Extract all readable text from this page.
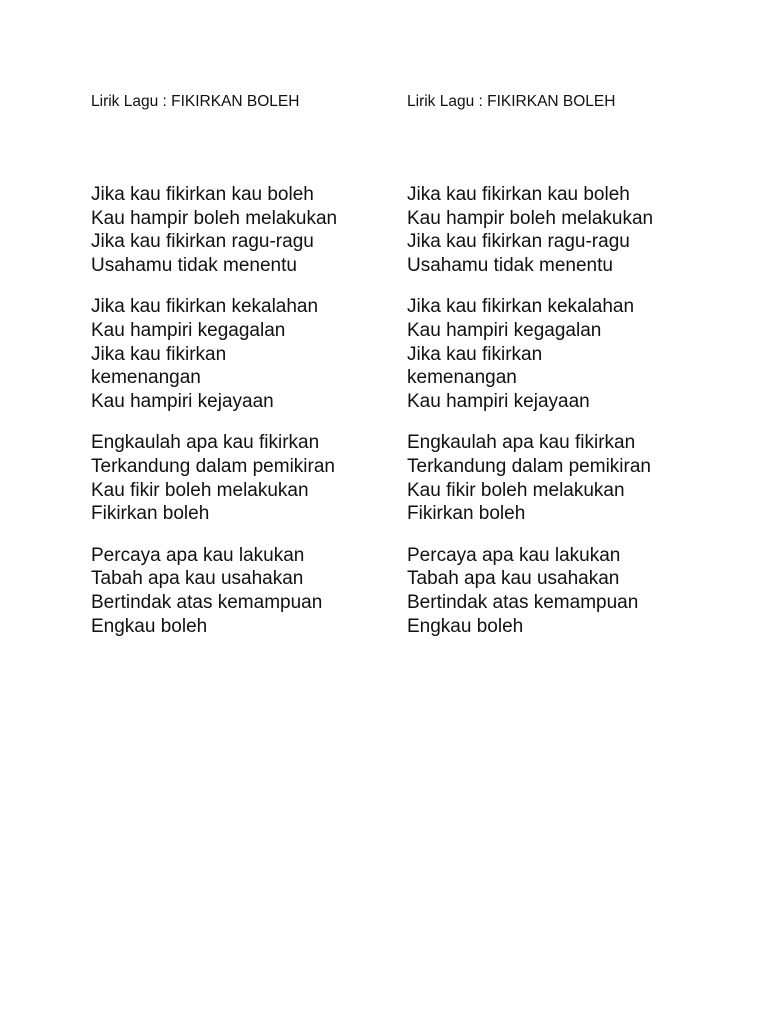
Lirik Lagu : FIKIRKAN BOLEH
Jika kau fikirkan kau boleh
Kau hampir boleh melakukan
Jika kau fikirkan ragu-ragu
Usahamu tidak menentu
Jika kau fikirkan kekalahan
Kau hampiri kegagalan
Jika kau fikirkan
kemenangan
Kau hampiri kejayaan
Engkaulah apa kau fikirkan
Terkandung dalam pemikiran
Kau fikir boleh melakukan
Fikirkan boleh
Percaya apa kau lakukan
Tabah apa kau usahakan
Bertindak atas kemampuan
Engkau boleh
Lirik Lagu : FIKIRKAN BOLEH
Jika kau fikirkan kau boleh
Kau hampir boleh melakukan
Jika kau fikirkan ragu-ragu
Usahamu tidak menentu
Jika kau fikirkan kekalahan
Kau hampiri kegagalan
Jika kau fikirkan
kemenangan
Kau hampiri kejayaan
Engkaulah apa kau fikirkan
Terkandung dalam pemikiran
Kau fikir boleh melakukan
Fikirkan boleh
Percaya apa kau lakukan
Tabah apa kau usahakan
Bertindak atas kemampuan
Engkau boleh
